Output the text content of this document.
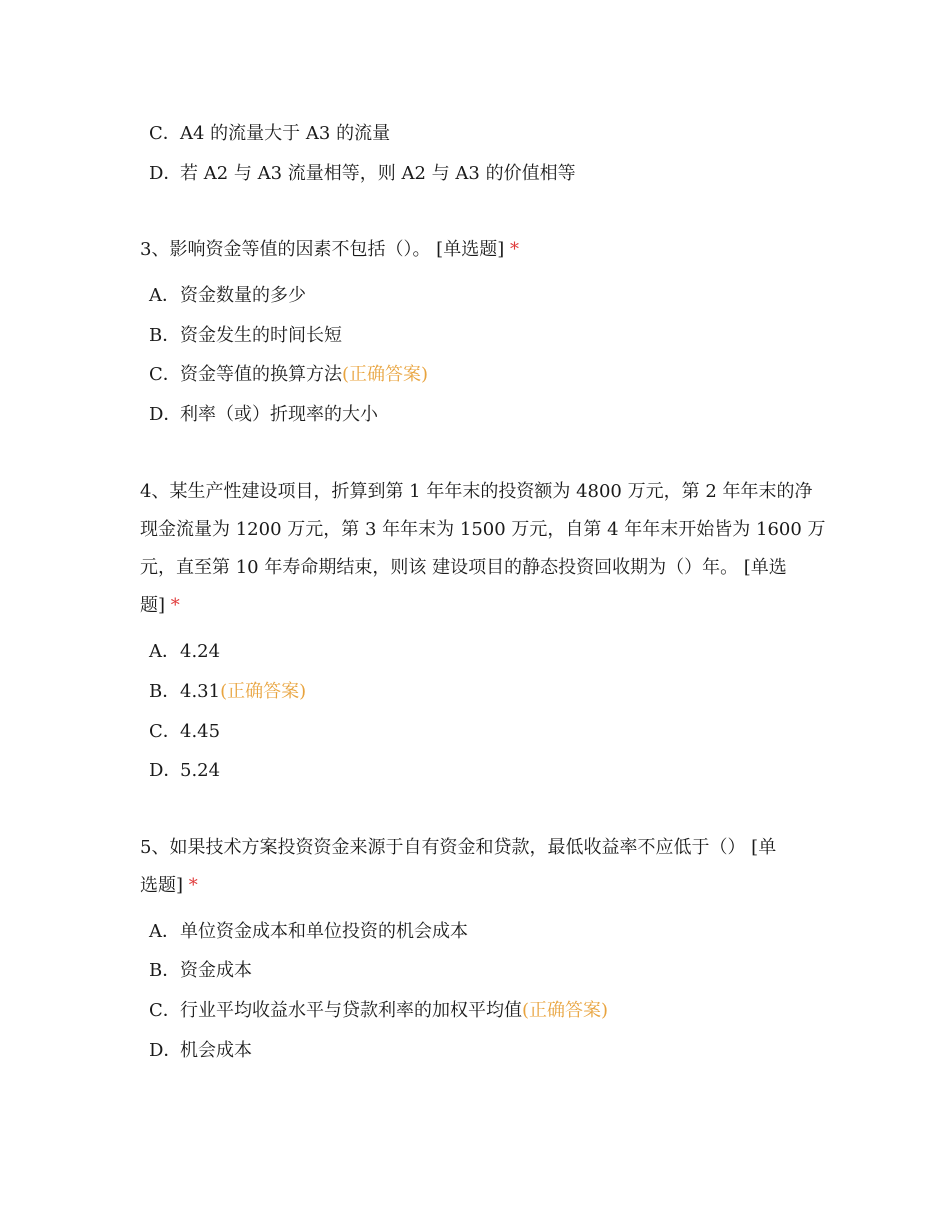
C．A4 的流量大于 A3 的流量
D．若 A2 与 A3 流量相等，则 A2 与 A3 的价值相等
3、影响资金等值的因素不包括（）。 [单选题] *
A．资金数量的多少
B．资金发生的时间长短
C．资金等值的换算方法(正确答案)
D．利率（或）折现率的大小
4、某生产性建设项目，折算到第 1 年年末的投资额为 4800 万元，第 2 年年末的净
现金流量为 1200 万元，第 3 年年末为 1500 万元，自第 4 年年末开始皆为 1600 万
元，直至第 10 年寿命期结束，则该 建设项目的静态投资回收期为（）年。 [单选
题] *
A．4.24
B．4.31(正确答案)
C．4.45
D．5.24
5、如果技术方案投资资金来源于自有资金和贷款，最低收益率不应低于（） [单
选题] *
A．单位资金成本和单位投资的机会成本
B．资金成本
C．行业平均收益水平与贷款利率的加权平均值(正确答案)
D．机会成本
